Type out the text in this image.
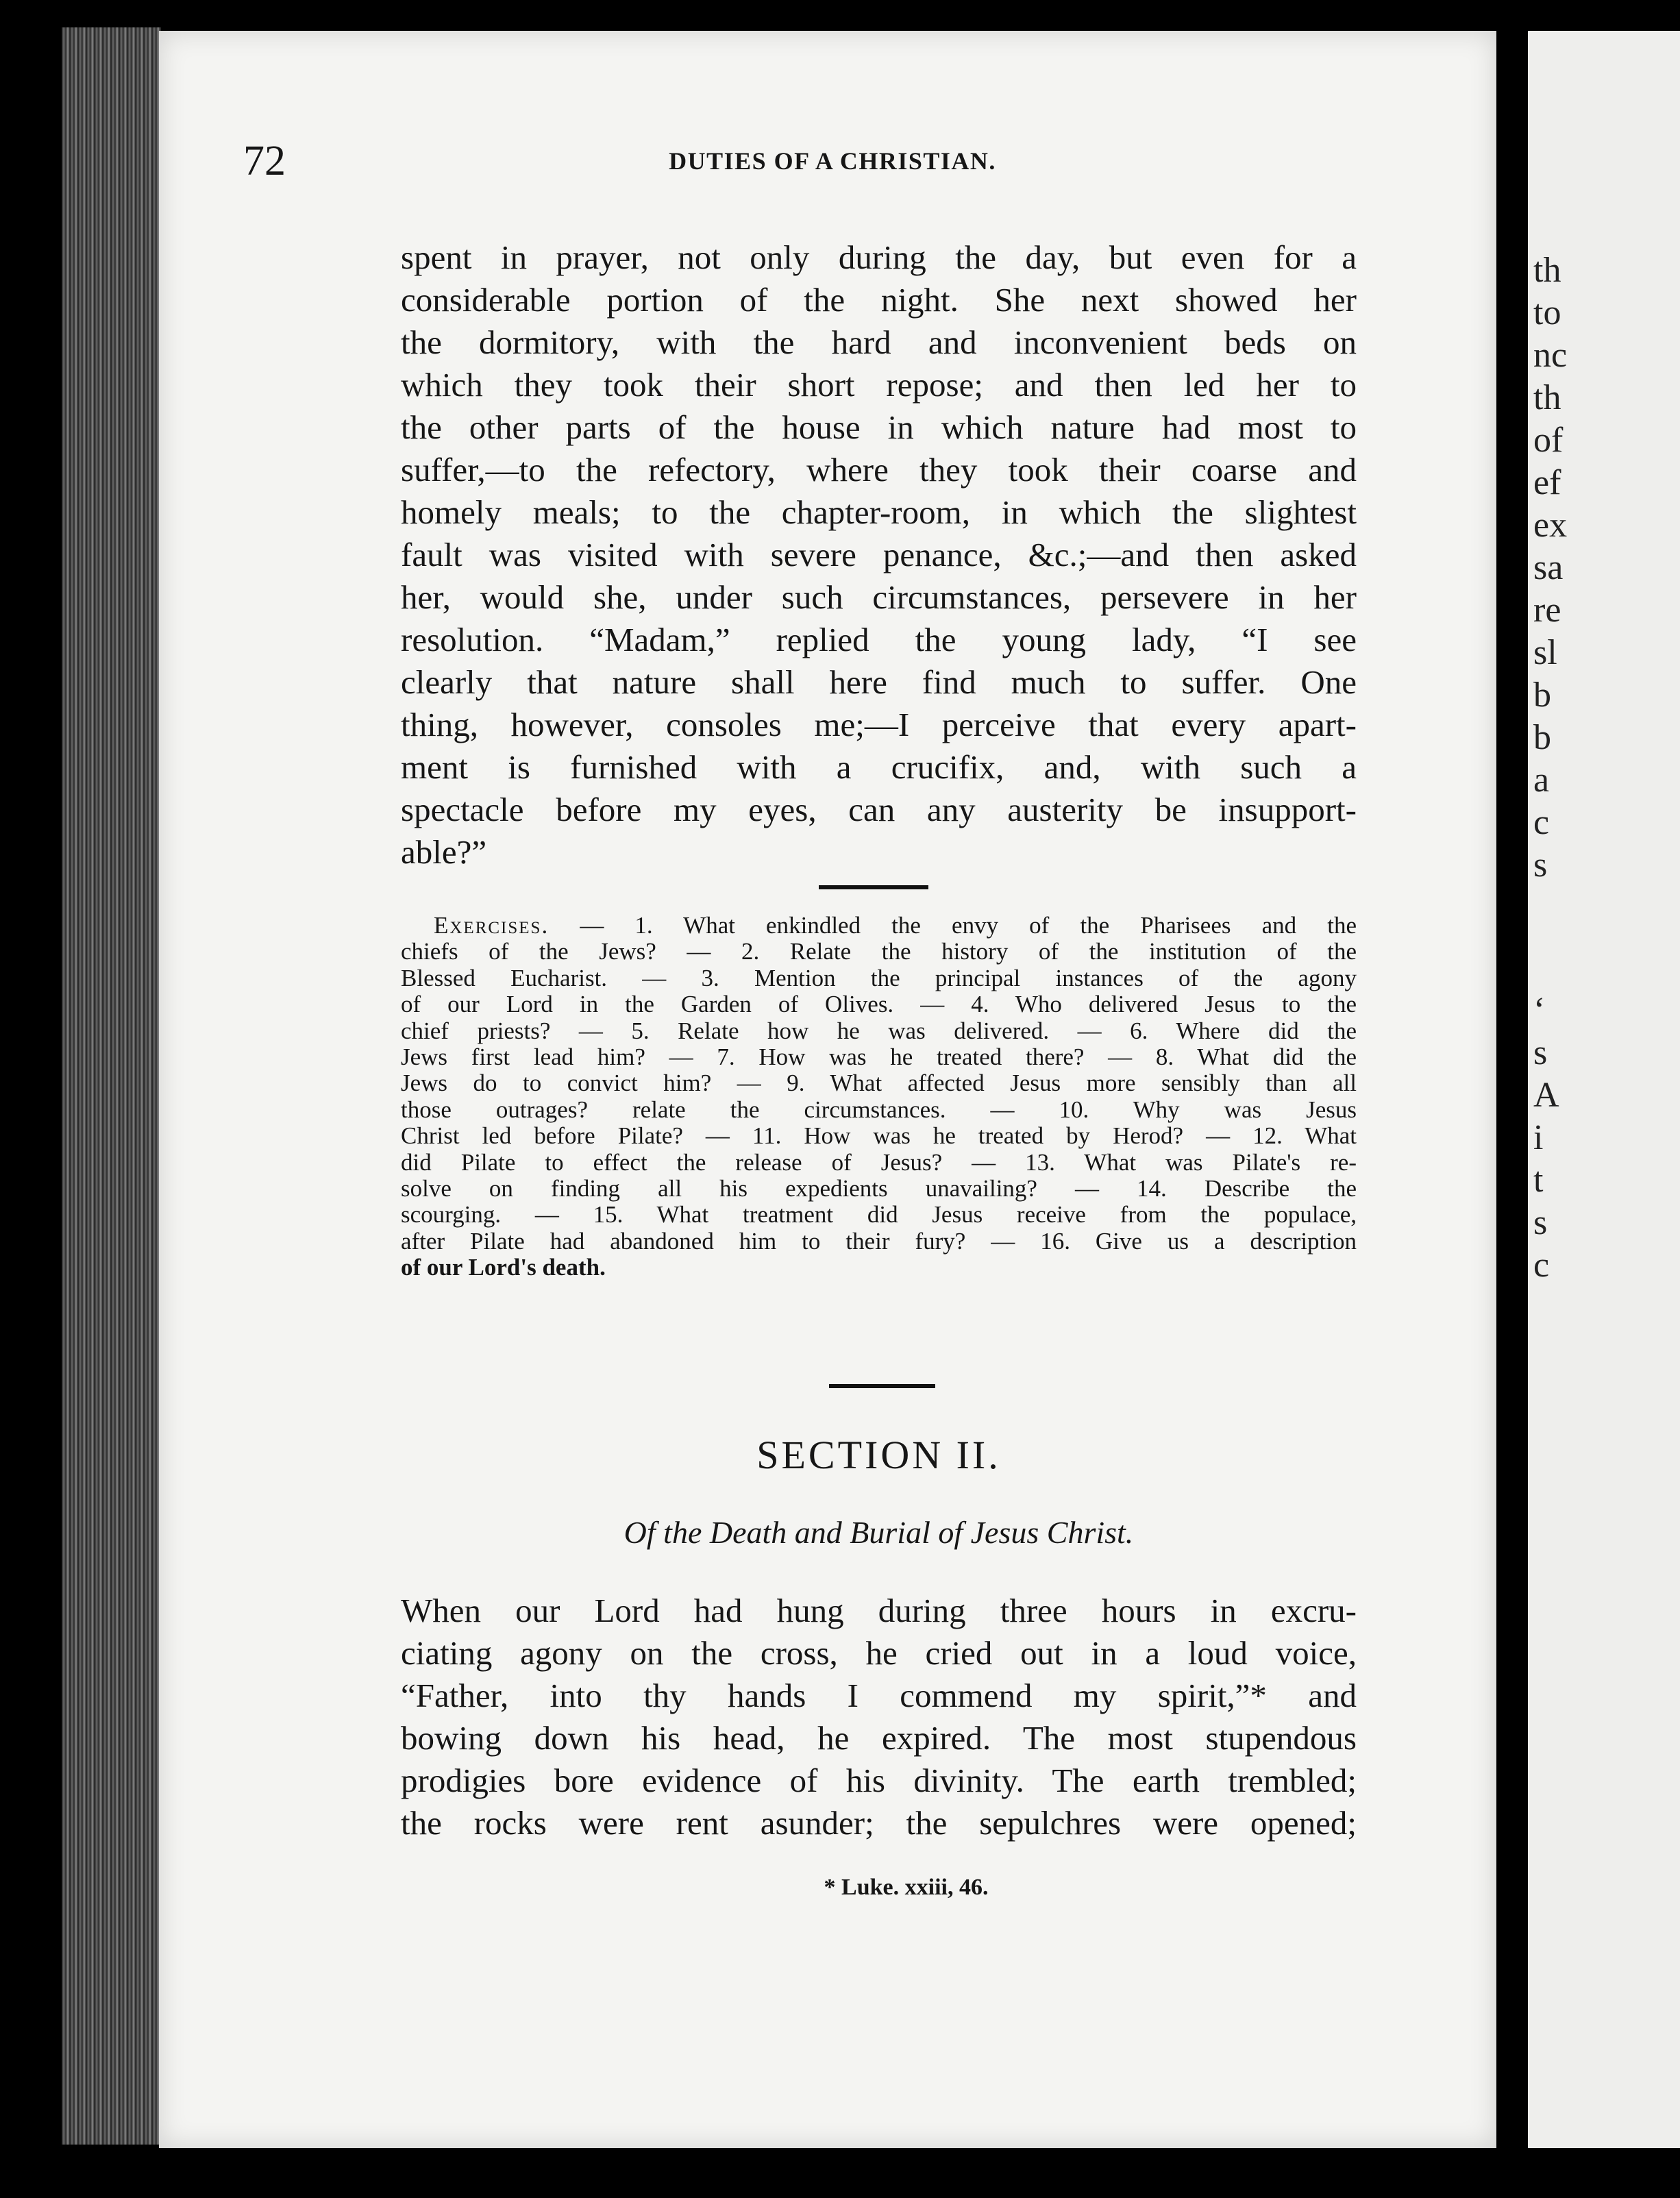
th
to
nc
th
of
ef
ex
sa
re
sl
b
b
a
c
s
‘
s
A
i
t
s
c
72	DUTIES OF A CHRISTIAN.
spent in prayer, not only during the day, but even for a
considerable portion of the night. She next showed her
the dormitory, with the hard and inconvenient beds on
which they took their short repose; and then led her to
the other parts of the house in which nature had most to
suffer,—to the refectory, where they took their coarse and
homely meals; to the chapter-room, in which the slightest
fault was visited with severe penance, &c.;—and then asked
her, would she, under such circumstances, persevere in her
resolution. “Madam,” replied the young lady, “I see
clearly that nature shall here find much to suffer. One
thing, however, consoles me;—I perceive that every apart-
ment is furnished with a crucifix, and, with such a
spectacle before my eyes, can any austerity be insupport-
able?”
Exercises. — 1. What enkindled the envy of the Pharisees and the
chiefs of the Jews? — 2. Relate the history of the institution of the
Blessed Eucharist. — 3. Mention the principal instances of the agony
of our Lord in the Garden of Olives. — 4. Who delivered Jesus to the
chief priests? — 5. Relate how he was delivered. — 6. Where did the
Jews first lead him? — 7. How was he treated there? — 8. What did the
Jews do to convict him? — 9. What affected Jesus more sensibly than all
those outrages? relate the circumstances. — 10. Why was Jesus
Christ led before Pilate? — 11. How was he treated by Herod? — 12. What
did Pilate to effect the release of Jesus? — 13. What was Pilate's re-
solve on finding all his expedients unavailing? — 14. Describe the
scourging. — 15. What treatment did Jesus receive from the populace,
after Pilate had abandoned him to their fury? — 16. Give us a description
of our Lord's death.
SECTION II.
Of the Death and Burial of Jesus Christ.
When our Lord had hung during three hours in excru-
ciating agony on the cross, he cried out in a loud voice,
“Father, into thy hands I commend my spirit,”* and
bowing down his head, he expired. The most stupendous
prodigies bore evidence of his divinity. The earth trembled;
the rocks were rent asunder; the sepulchres were opened;
* Luke. xxiii, 46.
